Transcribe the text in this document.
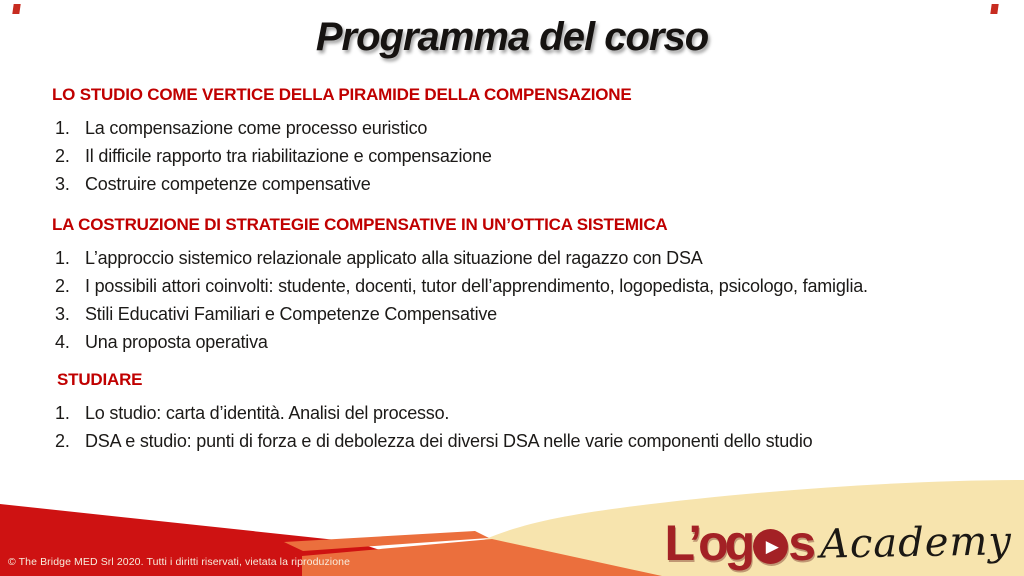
Programma del corso
LO STUDIO COME VERTICE DELLA PIRAMIDE DELLA COMPENSAZIONE
La compensazione come processo euristico
Il difficile rapporto tra riabilitazione e compensazione
Costruire competenze compensative
LA COSTRUZIONE DI STRATEGIE COMPENSATIVE IN UN’OTTICA SISTEMICA
L’approccio sistemico relazionale applicato alla situazione del ragazzo con DSA
I possibili attori coinvolti: studente, docenti, tutor dell’apprendimento, logopedista, psicologo, famiglia.
Stili Educativi Familiari e Competenze Compensative
Una proposta operativa
STUDIARE
Lo studio: carta d’identità. Analisi del processo.
DSA e studio: punti di forza e di debolezza dei diversi DSA nelle varie componenti dello studio
© The Bridge MED Srl 2020. Tutti i diritti riservati, vietata la riproduzione	L’og ▶ s Academy
